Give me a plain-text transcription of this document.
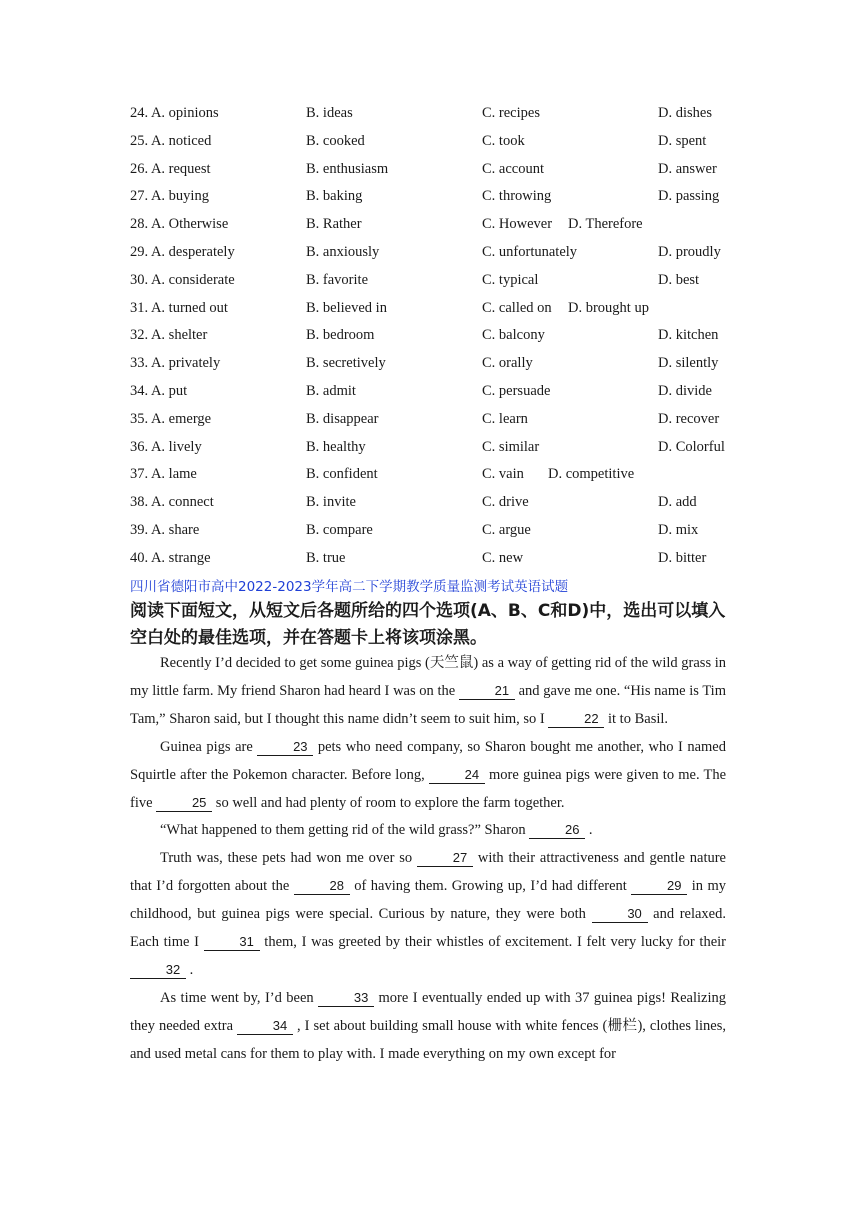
24. A. opinions	B. ideas	C. recipes	D. dishes
25. A. noticed	B. cooked	C. took	D. spent
26. A. request	B. enthusiasm	C. account	D. answer
27. A. buying	B. baking	C. throwing	D. passing
28. A. Otherwise	B. Rather	C. However D. Therefore
29. A. desperately	B. anxiously	C. unfortunately	D. proudly
30. A. considerate	B. favorite	C. typical	D. best
31. A. turned out	B. believed in	C. called on D. brought up
32. A. shelter	B. bedroom	C. balcony	D. kitchen
33. A. privately	B. secretively	C. orally	D. silently
34. A. put	B. admit	C. persuade	D. divide
35. A. emerge	B. disappear	C. learn	D. recover
36. A. lively	B. healthy	C. similar	D. Colorful
37. A. lame	B. confident	C. vain D. competitive
38. A. connect	B. invite	C. drive	D. add
39. A. share	B. compare	C. argue	D. mix
40. A. strange	B. true	C. new	D. bitter
四川省德阳市高中2022-2023学年高二下学期教学质量监测考试英语试题
阅读下面短文，从短文后各题所给的四个选项(A、B、C和D)中，选出可以填入空白处的最佳选项，并在答题卡上将该项涂黑。

Recently I’d decided to get some guinea pigs (天竺鼠) as a way of getting rid of the wild grass in my little farm. My friend Sharon had heard I was on the	21 and gave me one. “His name is Tim Tam,” Sharon said, but I thought this name didn’t seem to suit him, so I	22 it to Basil.

Guinea pigs are	23 pets who need company, so Sharon bought me another, who I named Squirtle after the Pokemon character. Before long,	24 more guinea pigs were given to me. The five	25 so well and had plenty of room to explore the farm together.

“What happened to them getting rid of the wild grass?” Sharon	26 .

Truth was, these pets had won me over so	27 with their attractiveness and gentle nature that I’d forgotten about the	28 of having them. Growing up, I’d had different	29 in my childhood, but guinea pigs were special. Curious by nature, they were both	30 and relaxed. Each time I	31 them, I was greeted by their whistles of excitement. I felt very lucky for their 32 .

As time went by, I’d been	33 more I eventually ended up with 37 guinea pigs! Realizing they needed extra	34 , I set about building small house with white fences (栅栏), clothes lines, and used metal cans for them to play with. I made everything on my own except for
